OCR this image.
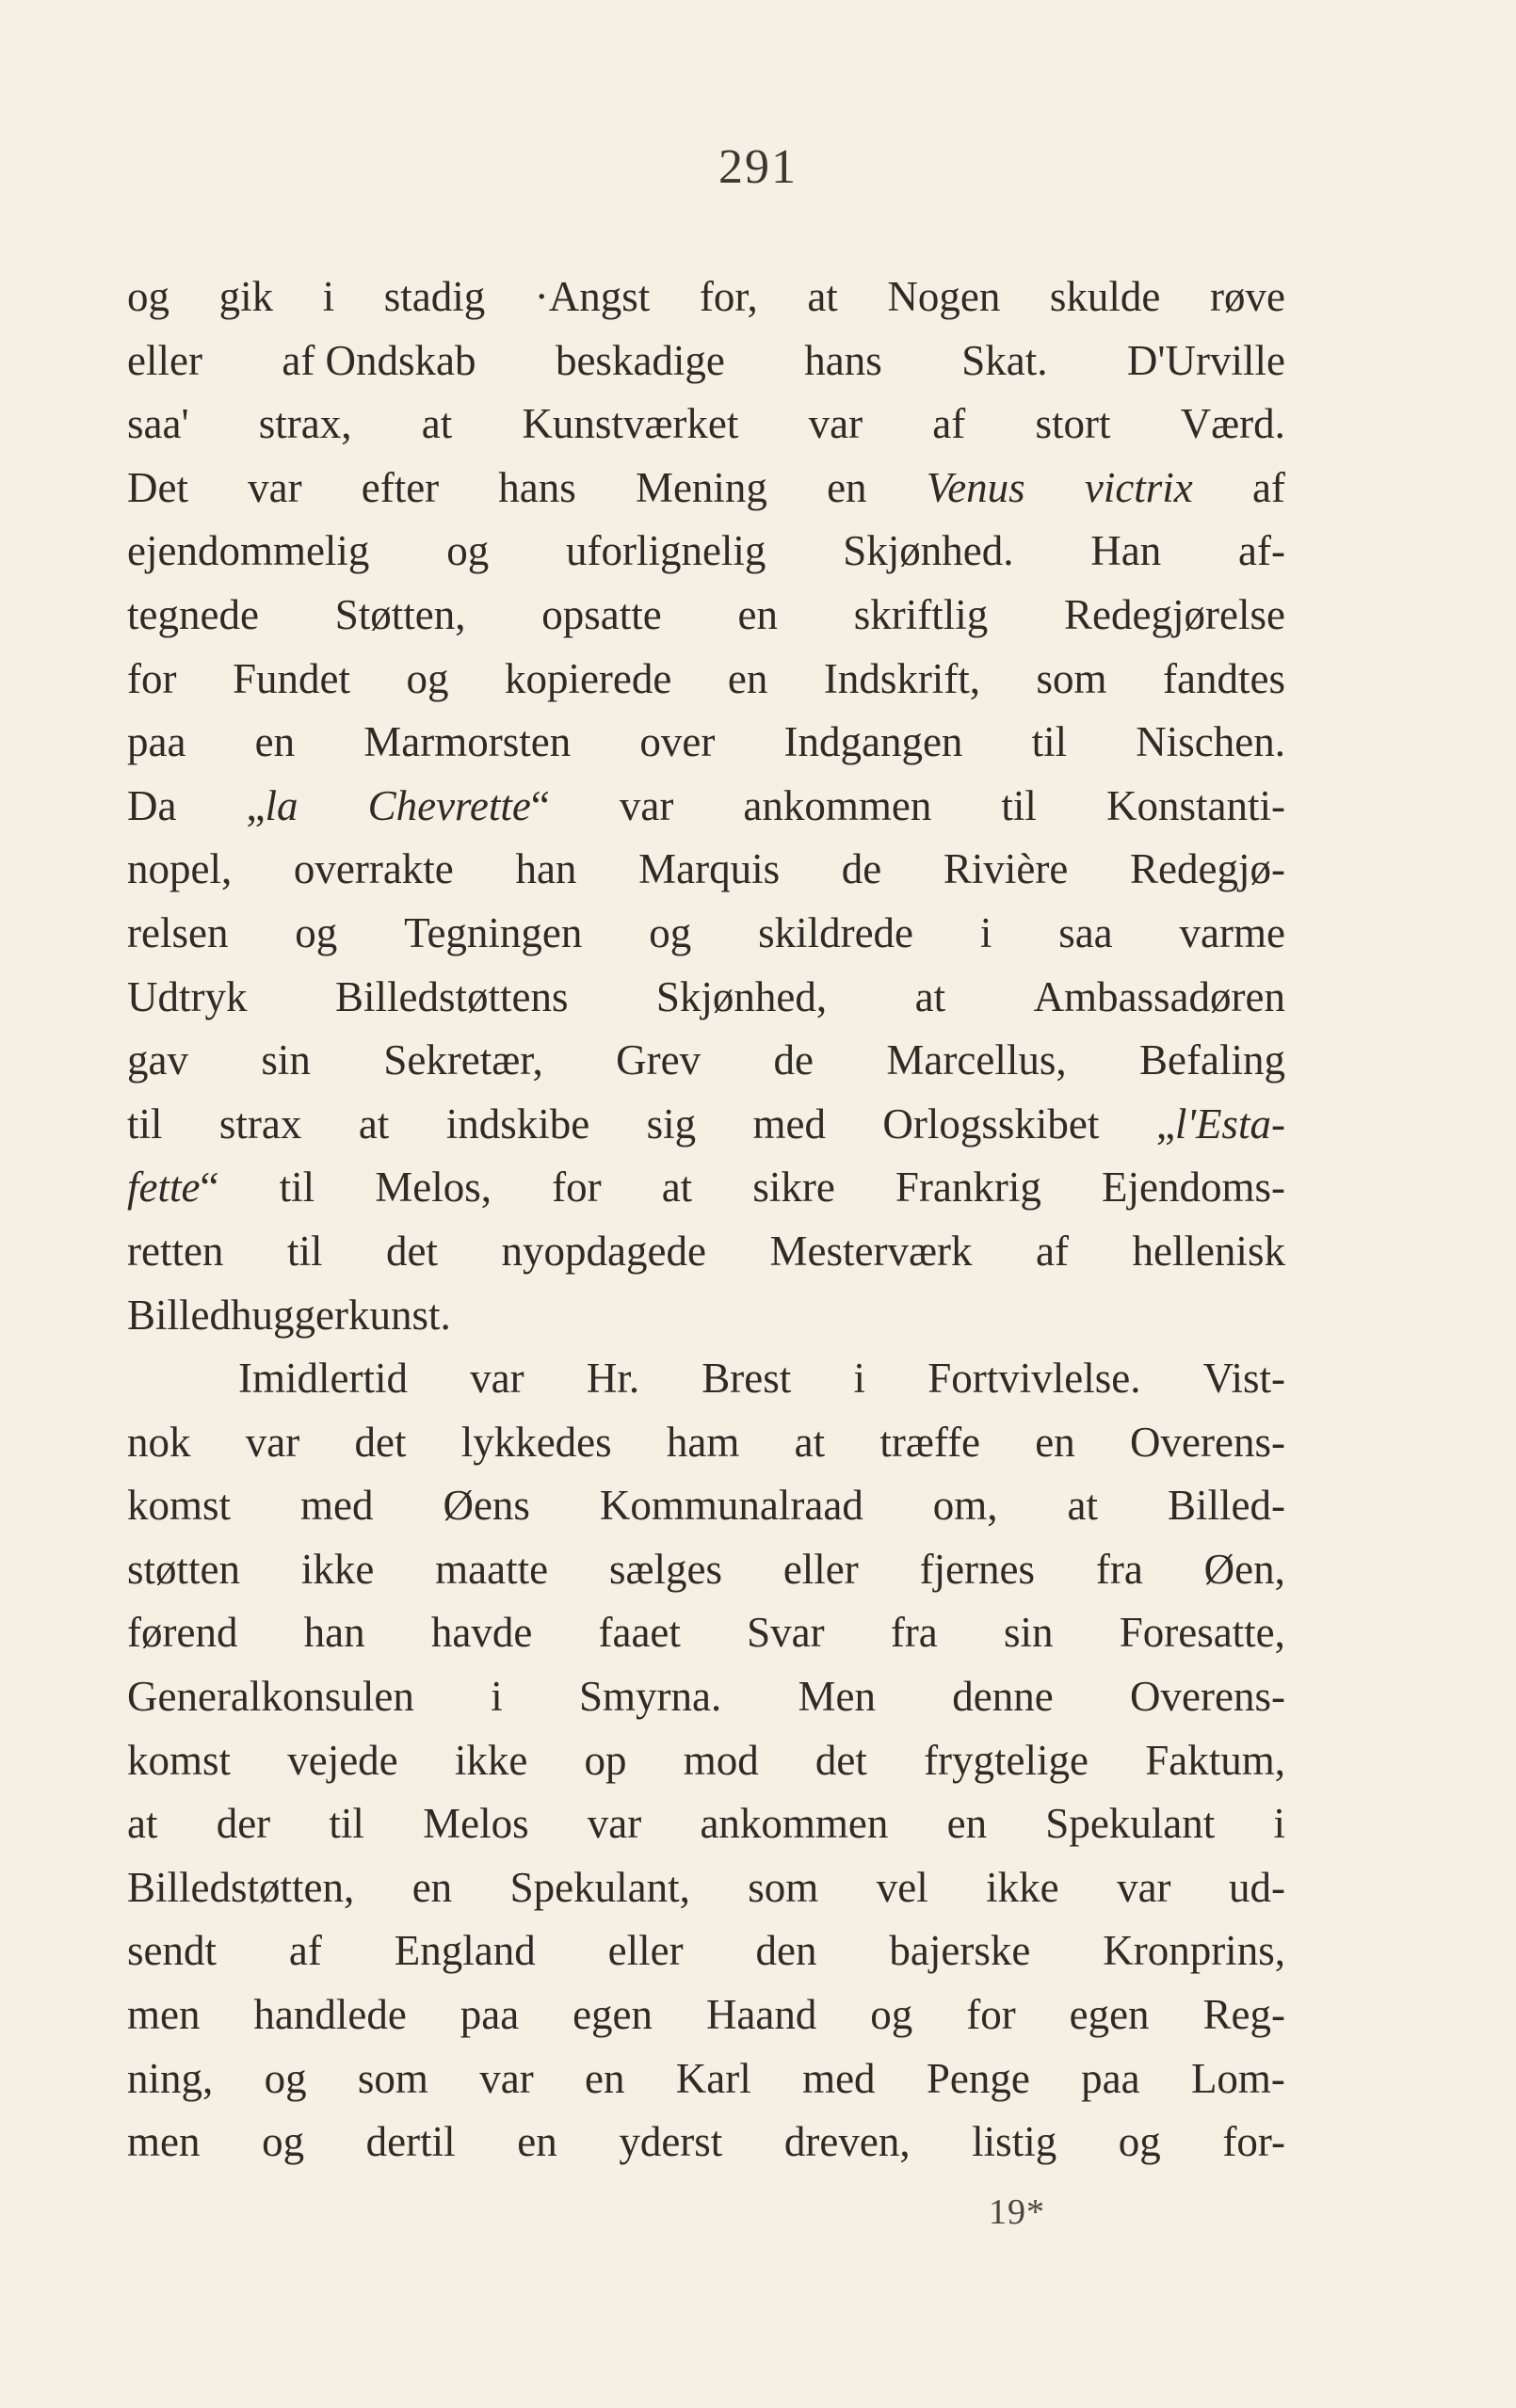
291
og gik i stadig ·Angst for, at Nogen skulde røve
eller af Ondskab beskadige hans Skat. D'Urville
saa' strax, at Kunstværket var af stort Værd.
Det var efter hans Mening en Venus victrix af
ejendommelig og uforlignelig Skjønhed. Han af-
tegnede Støtten, opsatte en skriftlig Redegjørelse
for Fundet og kopierede en Indskrift, som fandtes
paa en Marmorsten over Indgangen til Nischen.
Da „la Chevrette“ var ankommen til Konstanti-
nopel, overrakte han Marquis de Rivière Redegjø-
relsen og Tegningen og skildrede i saa varme
Udtryk Billedstøttens Skjønhed, at Ambassadøren
gav sin Sekretær, Grev de Marcellus, Befaling
til strax at indskibe sig med Orlogsskibet „l'Esta-
fette“ til Melos, for at sikre Frankrig Ejendoms-
retten til det nyopdagede Mesterværk af hellenisk
Billedhuggerkunst.
Imidlertid var Hr. Brest i Fortvivlelse. Vist-
nok var det lykkedes ham at træffe en Overens-
komst med Øens Kommunalraad om, at Billed-
støtten ikke maatte sælges eller fjernes fra Øen,
førend han havde faaet Svar fra sin Foresatte,
Generalkonsulen i Smyrna. Men denne Overens-
komst vejede ikke op mod det frygtelige Faktum,
at der til Melos var ankommen en Spekulant i
Billedstøtten, en Spekulant, som vel ikke var ud-
sendt af England eller den bajerske Kronprins,
men handlede paa egen Haand og for egen Reg-
ning, og som var en Karl med Penge paa Lom-
men og dertil en yderst dreven, listig og for-
19*
